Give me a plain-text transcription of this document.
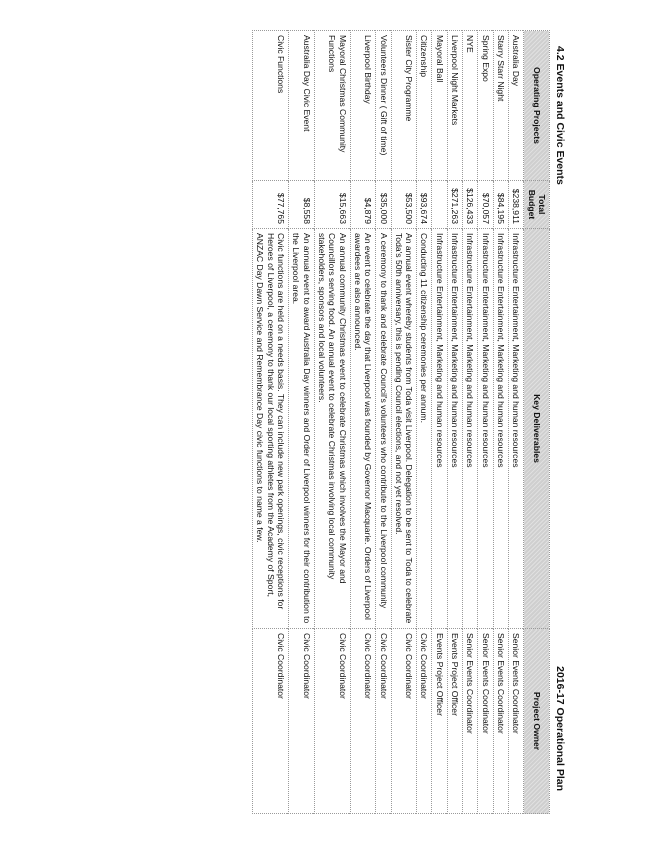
4.2 Events and Civic Events
2016-17 Operational Plan
Operating Projects	Total Budget	Key Deliverables	Project Owner
Australia Day	$238,911	Infrastructure Entertainment, Marketing and human resources	Senior Events Coordinator
Starry Starr Night	$84,195	Infrastructure Entertainment, Marketing and human resources	Senior Events Coordinator
Spring Expo	$70,057	Infrastructure Entertainment, Marketing and human resources	Senior Events Coordinator
NYE	$126,433	Infrastructure Entertainment, Marketing and human resources	Senior Events Coordinator
Liverpool Night Markets	$271,263	Infrastructure Entertainment, Marketing and human resources	Events Project Officer
Mayoral Ball		Infrastructure Entertainment, Marketing and human resources	Events Project Officer
Citizenship	$93,674	Conducting 11 citizenship ceremonies per annum.	Civic Coordinator
Sister City Programme	$53,500	An annual event whereby students from Toda visit Liverpool. Delegation to be sent to Toda to celebrate Toda's 50th anniversary, this is pending Council elections, and not yet resolved.	Civic Coordinator
Volunteers Dinner ( Gift of time)	$35,000	A ceremony to thank and celebrate Council's volunteers who contribute to the Liverpool community	Civic Coordinator
Liverpool Birthday	$4,879	An event to celebrate the day that Liverpool was founded by Governor Macquarie. Orders of Liverpool awardees are also announced.	Civic Coordinator
Mayoral Christmas Community Functions	$15,663	An annual community Christmas event to celebrate Christmas which involves the Mayor and Councillors serving food. An annual event to celebrate Christmas involving local community stakeholders, sponsors and local volunteers.	Civic Coordinator
Australia Day Civic Event	$8,558	An annual event to award Australia Day winners and Order of Liverpool winners for their contribution to the Liverpool area.	Civic Coordinator
Civic Functions	$77,765	Civic functions are held on a needs basis. They can include new park openings, civic receptions for Heroes of Liverpool, a ceremony to thank our local sporting athletes from the Academy of Sport, ANZAC Day Dawn Service and Remembrance Day civic functions to name a few.	Civic Coordinator
